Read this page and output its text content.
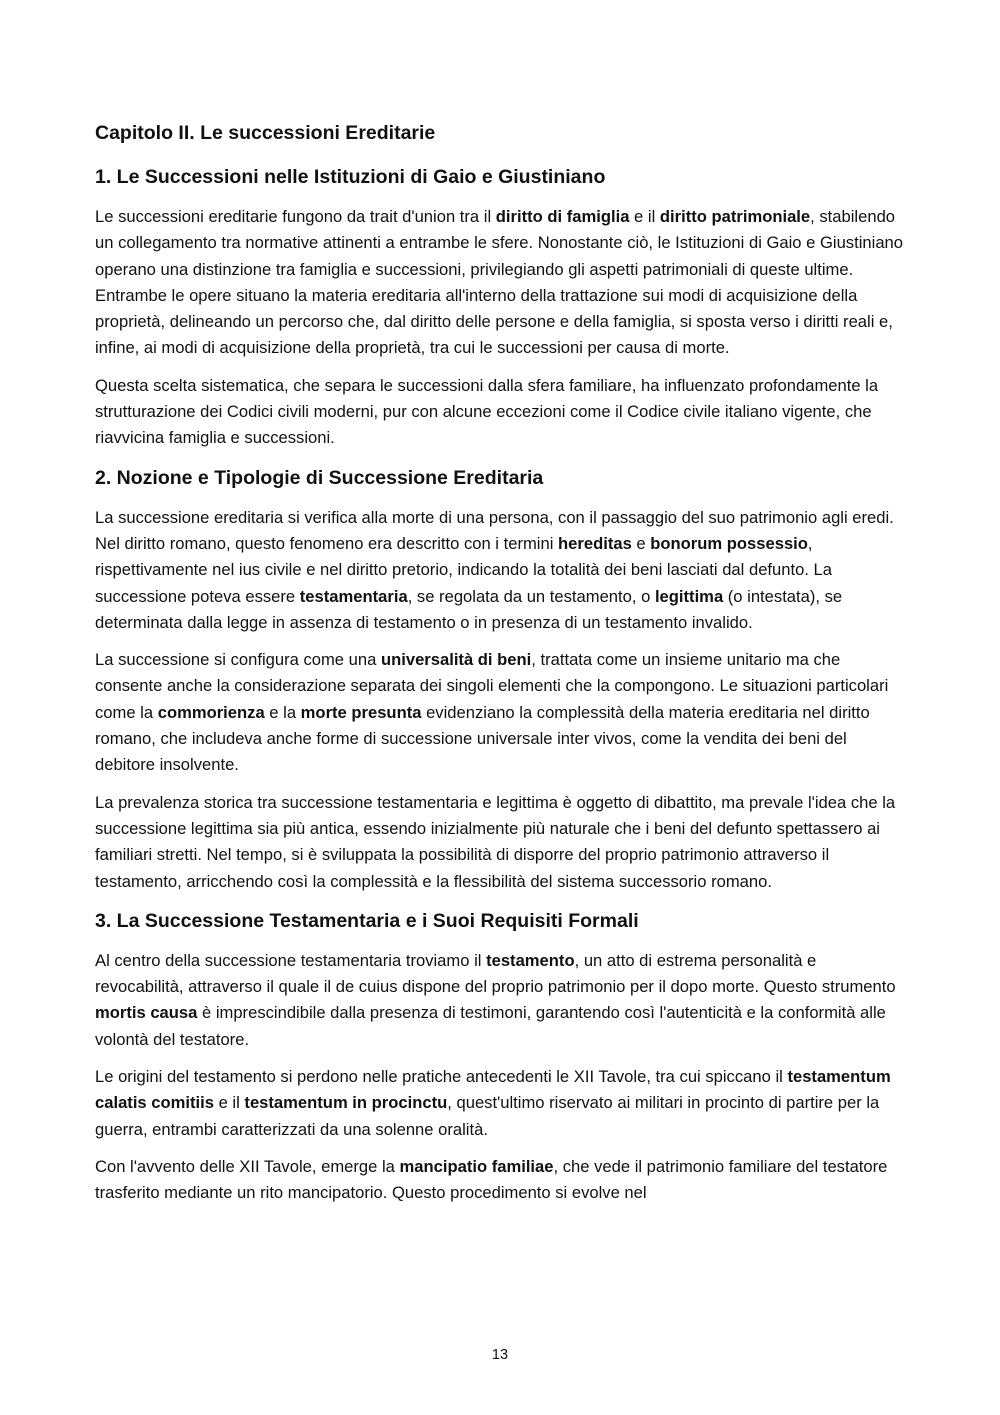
Capitolo II. Le successioni Ereditarie
1. Le Successioni nelle Istituzioni di Gaio e Giustiniano

Le successioni ereditarie fungono da trait d'union tra il diritto di famiglia e il diritto patrimoniale, stabilendo un collegamento tra normative attinenti a entrambe le sfere. Nonostante ciò, le Istituzioni di Gaio e Giustiniano operano una distinzione tra famiglia e successioni, privilegiando gli aspetti patrimoniali di queste ultime. Entrambe le opere situano la materia ereditaria all'interno della trattazione sui modi di acquisizione della proprietà, delineando un percorso che, dal diritto delle persone e della famiglia, si sposta verso i diritti reali e, infine, ai modi di acquisizione della proprietà, tra cui le successioni per causa di morte.

Questa scelta sistematica, che separa le successioni dalla sfera familiare, ha influenzato profondamente la strutturazione dei Codici civili moderni, pur con alcune eccezioni come il Codice civile italiano vigente, che riavvicina famiglia e successioni.

2. Nozione e Tipologie di Successione Ereditaria

La successione ereditaria si verifica alla morte di una persona, con il passaggio del suo patrimonio agli eredi. Nel diritto romano, questo fenomeno era descritto con i termini hereditas e bonorum possessio, rispettivamente nel ius civile e nel diritto pretorio, indicando la totalità dei beni lasciati dal defunto. La successione poteva essere testamentaria, se regolata da un testamento, o legittima (o intestata), se determinata dalla legge in assenza di testamento o in presenza di un testamento invalido.

La successione si configura come una universalità di beni, trattata come un insieme unitario ma che consente anche la considerazione separata dei singoli elementi che la compongono. Le situazioni particolari come la commorienza e la morte presunta evidenziano la complessità della materia ereditaria nel diritto romano, che includeva anche forme di successione universale inter vivos, come la vendita dei beni del debitore insolvente.

La prevalenza storica tra successione testamentaria e legittima è oggetto di dibattito, ma prevale l'idea che la successione legittima sia più antica, essendo inizialmente più naturale che i beni del defunto spettassero ai familiari stretti. Nel tempo, si è sviluppata la possibilità di disporre del proprio patrimonio attraverso il testamento, arricchendo così la complessità e la flessibilità del sistema successorio romano.

3. La Successione Testamentaria e i Suoi Requisiti Formali

Al centro della successione testamentaria troviamo il testamento, un atto di estrema personalità e revocabilità, attraverso il quale il de cuius dispone del proprio patrimonio per il dopo morte. Questo strumento mortis causa è imprescindibile dalla presenza di testimoni, garantendo così l'autenticità e la conformità alle volontà del testatore.

Le origini del testamento si perdono nelle pratiche antecedenti le XII Tavole, tra cui spiccano il testamentum calatis comitiis e il testamentum in procinctu, quest'ultimo riservato ai militari in procinto di partire per la guerra, entrambi caratterizzati da una solenne oralità.

Con l'avvento delle XII Tavole, emerge la mancipatio familiae, che vede il patrimonio familiare del testatore trasferito mediante un rito mancipatorio. Questo procedimento si evolve nel

13
